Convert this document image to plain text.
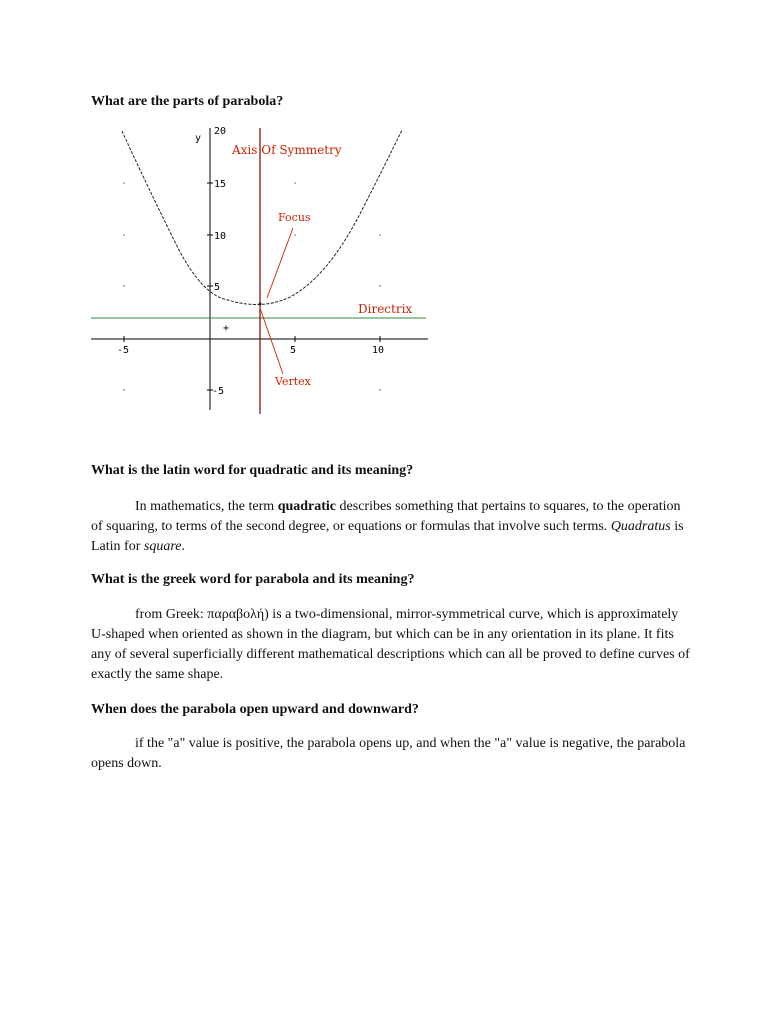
What are the parts of parabola?

y
20
15
10
5
-5
-5	5	10
+
Axis Of Symmetry
Focus
Directrix
Vertex

What is the latin word for quadratic and its meaning?

In mathematics, the term quadratic describes something that pertains to squares, to the operation of squaring, to terms of the second degree, or equations or formulas that involve such terms. Quadratus is Latin for square.

What is the greek word for parabola and its meaning?

from Greek: παραβολή) is a two-dimensional, mirror-symmetrical curve, which is approximately U-shaped when oriented as shown in the diagram, but which can be in any orientation in its plane. It fits any of several superficially different mathematical descriptions which can all be proved to define curves of exactly the same shape.

When does the parabola open upward and downward?

if the "a" value is positive, the parabola opens up, and when the "a" value is negative, the parabola opens down.
